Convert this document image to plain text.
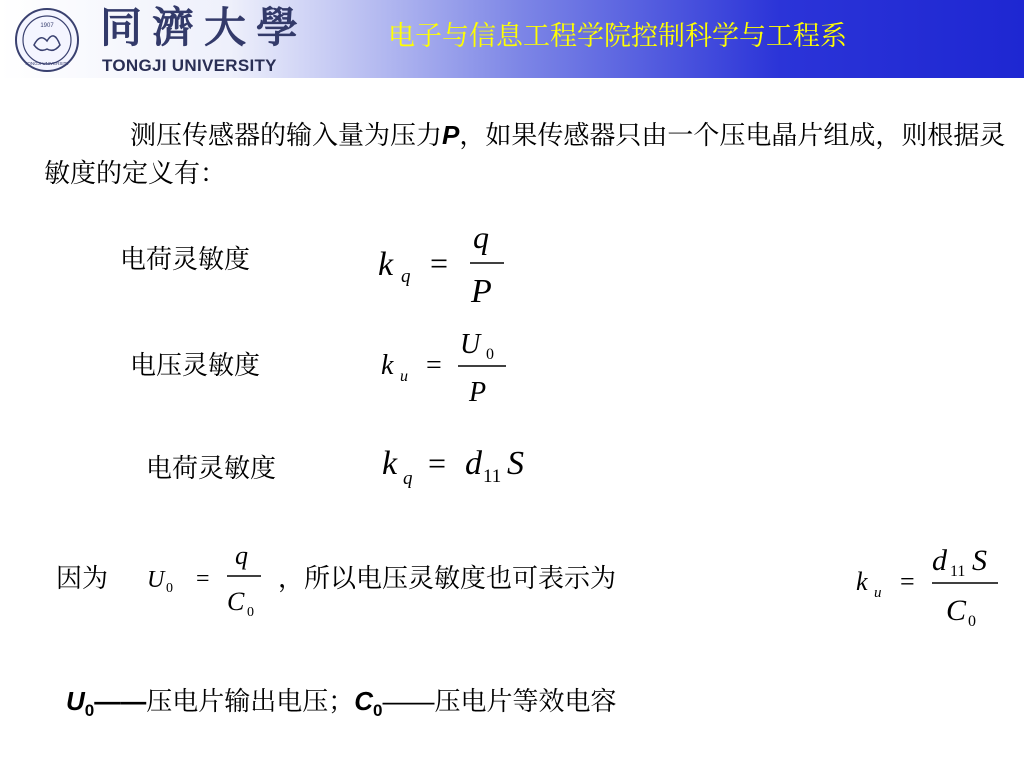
1907
TONGJI UNIVERSITY
同濟大學
TONGJI UNIVERSITY
电子与信息工程学院控制科学与工程系

测压传感器的输入量为压力P，如果传感器只由一个压电晶片组成，则根据灵敏度的定义有：

电荷灵敏度	k q =
q
P
电压灵敏度	k u =
U 0
P
电荷灵敏度	k q = d 11 S
因为 U 0 =
q
C 0
，所以电压灵敏度也可表示为	k u =
d 11 S
C 0
$U_0——$压电片输出电压；$C_0——$压电片等效电容
